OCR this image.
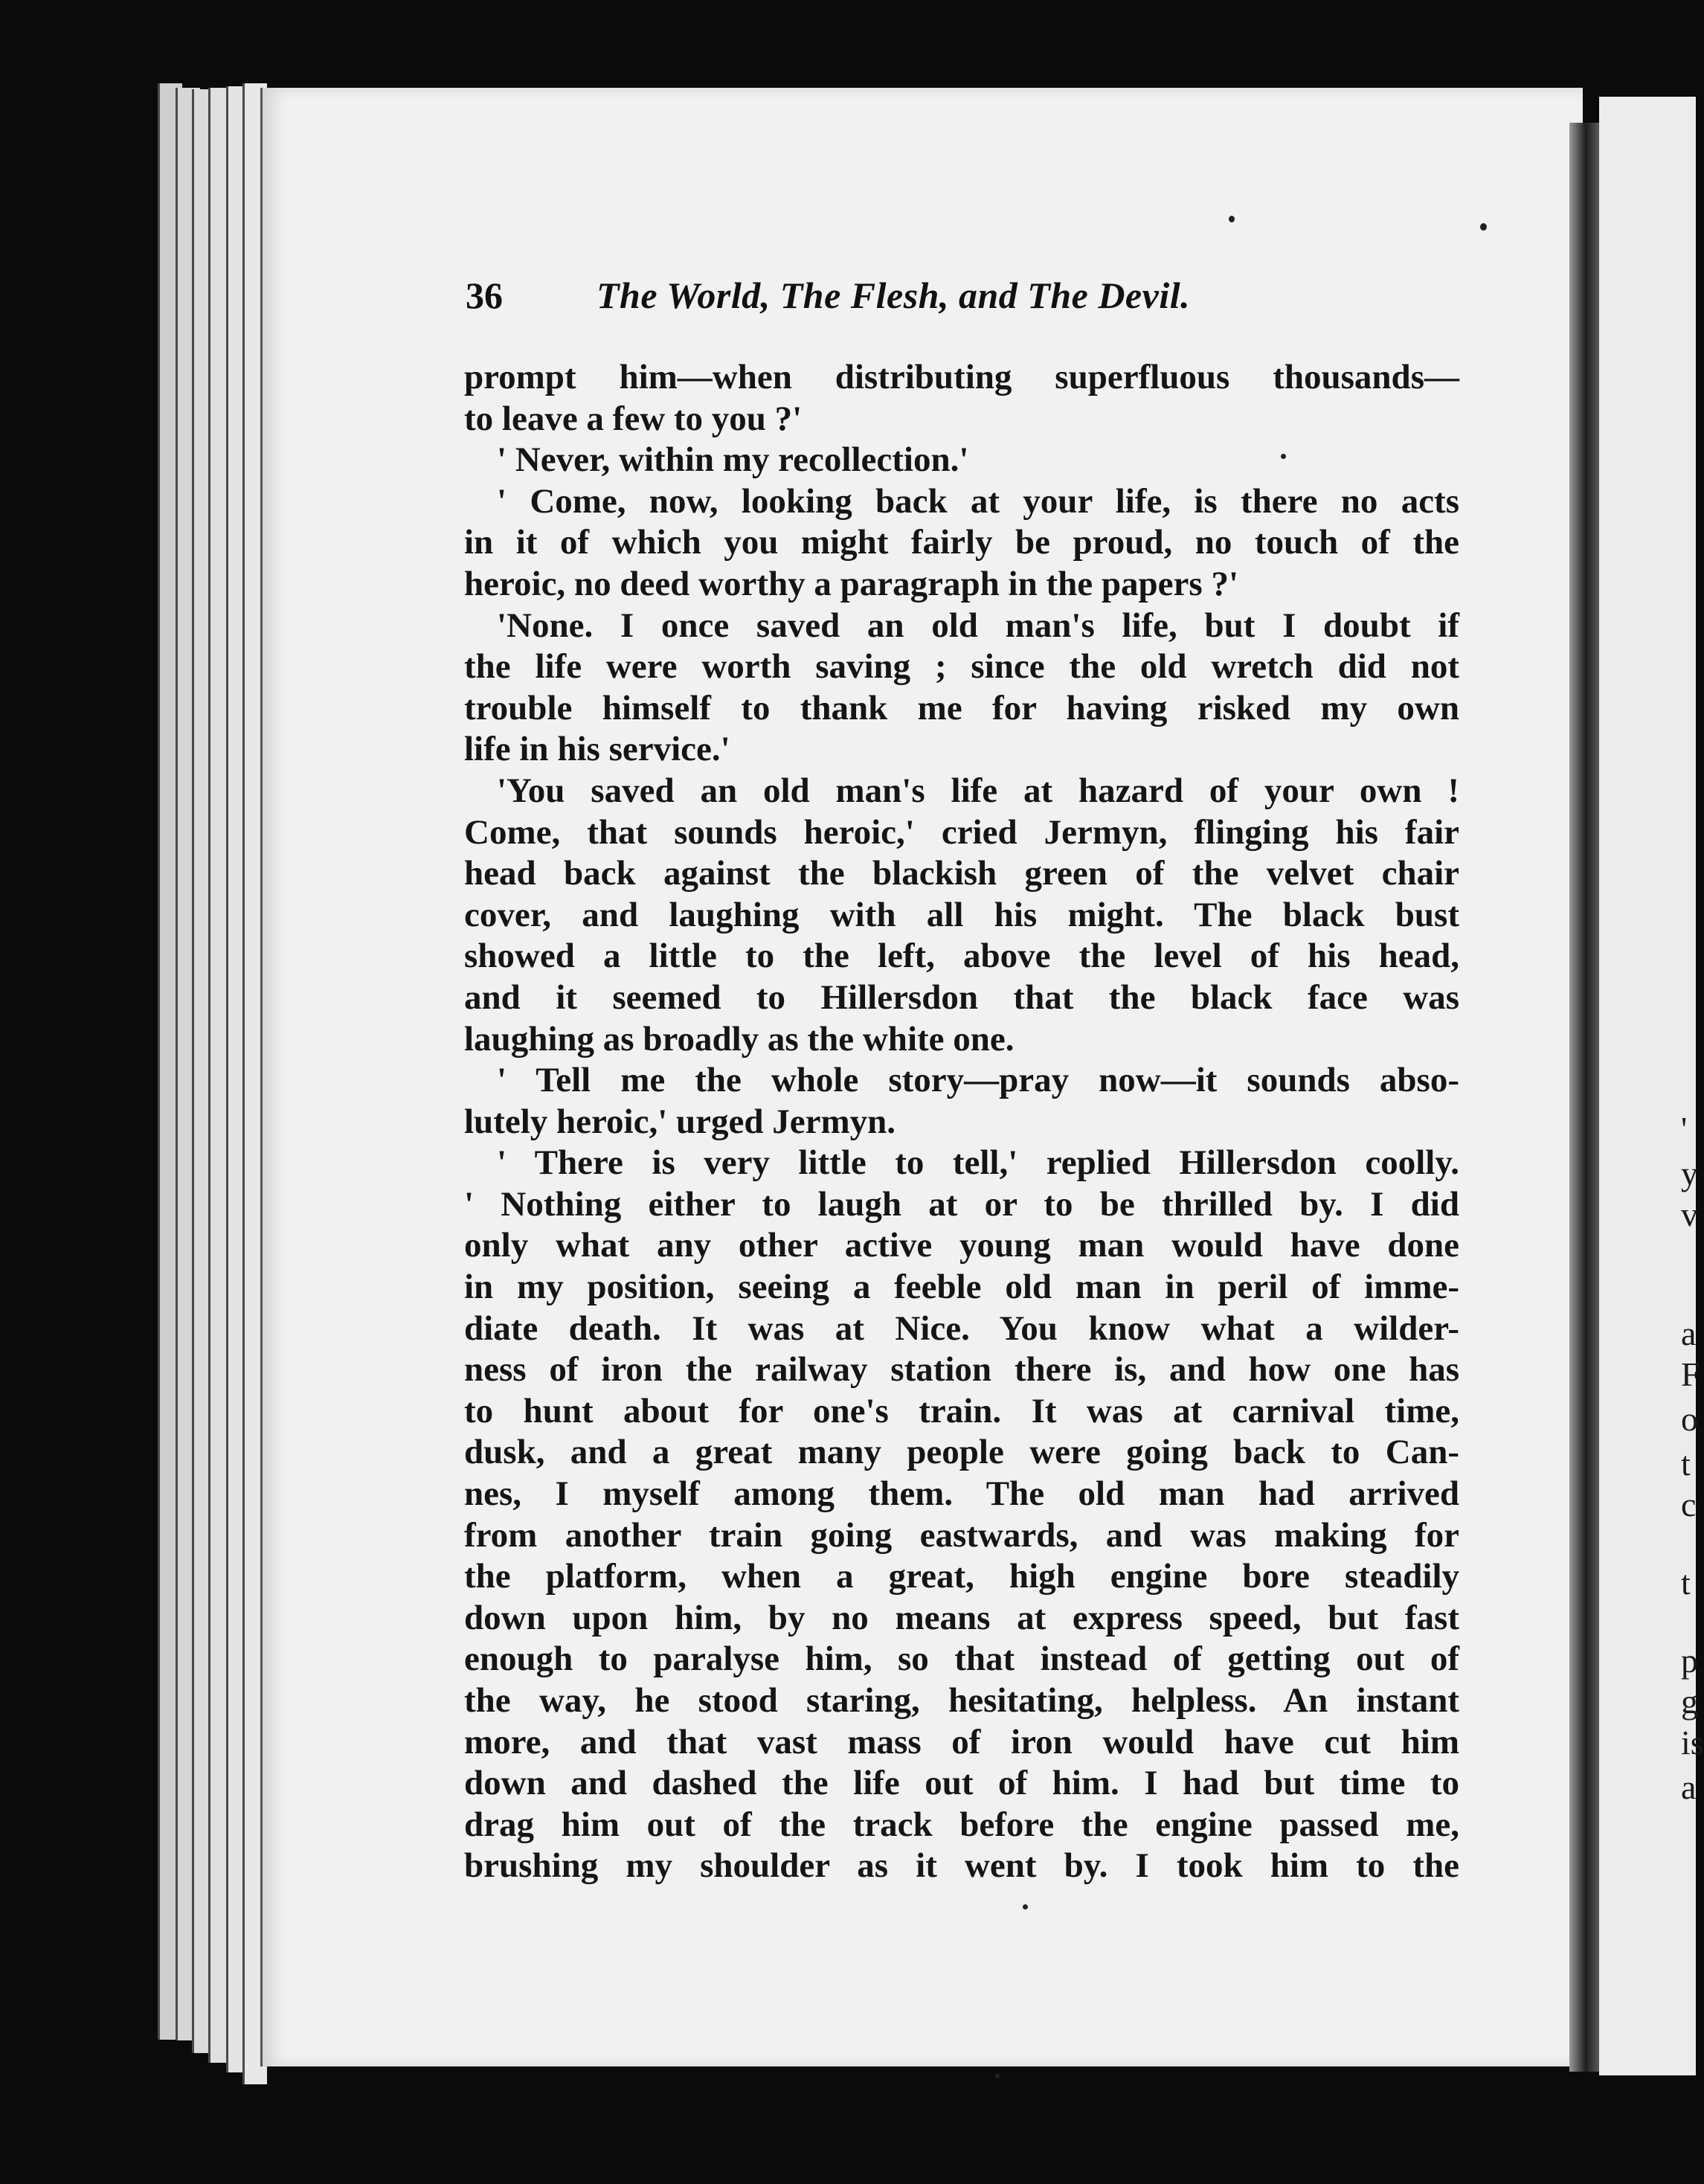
'
y
v
a
F
o
t
c
t
p
g
is
a
36	The World, The Flesh, and The Devil.
prompt him—when distributing superfluous thousands—
to leave a few to you ?'
' Never, within my recollection.'
' Come, now, looking back at your life, is there no acts
in it of which you might fairly be proud, no touch of the
heroic, no deed worthy a paragraph in the papers ?'
'None. I once saved an old man's life, but I doubt if
the life were worth saving ; since the old wretch did not
trouble himself to thank me for having risked my own
life in his service.'
'You saved an old man's life at hazard of your own !
Come, that sounds heroic,' cried Jermyn, flinging his fair
head back against the blackish green of the velvet chair
cover, and laughing with all his might. The black bust
showed a little to the left, above the level of his head,
and it seemed to Hillersdon that the black face was
laughing as broadly as the white one.
' Tell me the whole story—pray now—it sounds abso-
lutely heroic,' urged Jermyn.
' There is very little to tell,' replied Hillersdon coolly.
' Nothing either to laugh at or to be thrilled by. I did
only what any other active young man would have done
in my position, seeing a feeble old man in peril of imme-
diate death. It was at Nice. You know what a wilder-
ness of iron the railway station there is, and how one has
to hunt about for one's train. It was at carnival time,
dusk, and a great many people were going back to Can-
nes, I myself among them. The old man had arrived
from another train going eastwards, and was making for
the platform, when a great, high engine bore steadily
down upon him, by no means at express speed, but fast
enough to paralyse him, so that instead of getting out of
the way, he stood staring, hesitating, helpless. An instant
more, and that vast mass of iron would have cut him
down and dashed the life out of him. I had but time to
drag him out of the track before the engine passed me,
brushing my shoulder as it went by. I took him to the
